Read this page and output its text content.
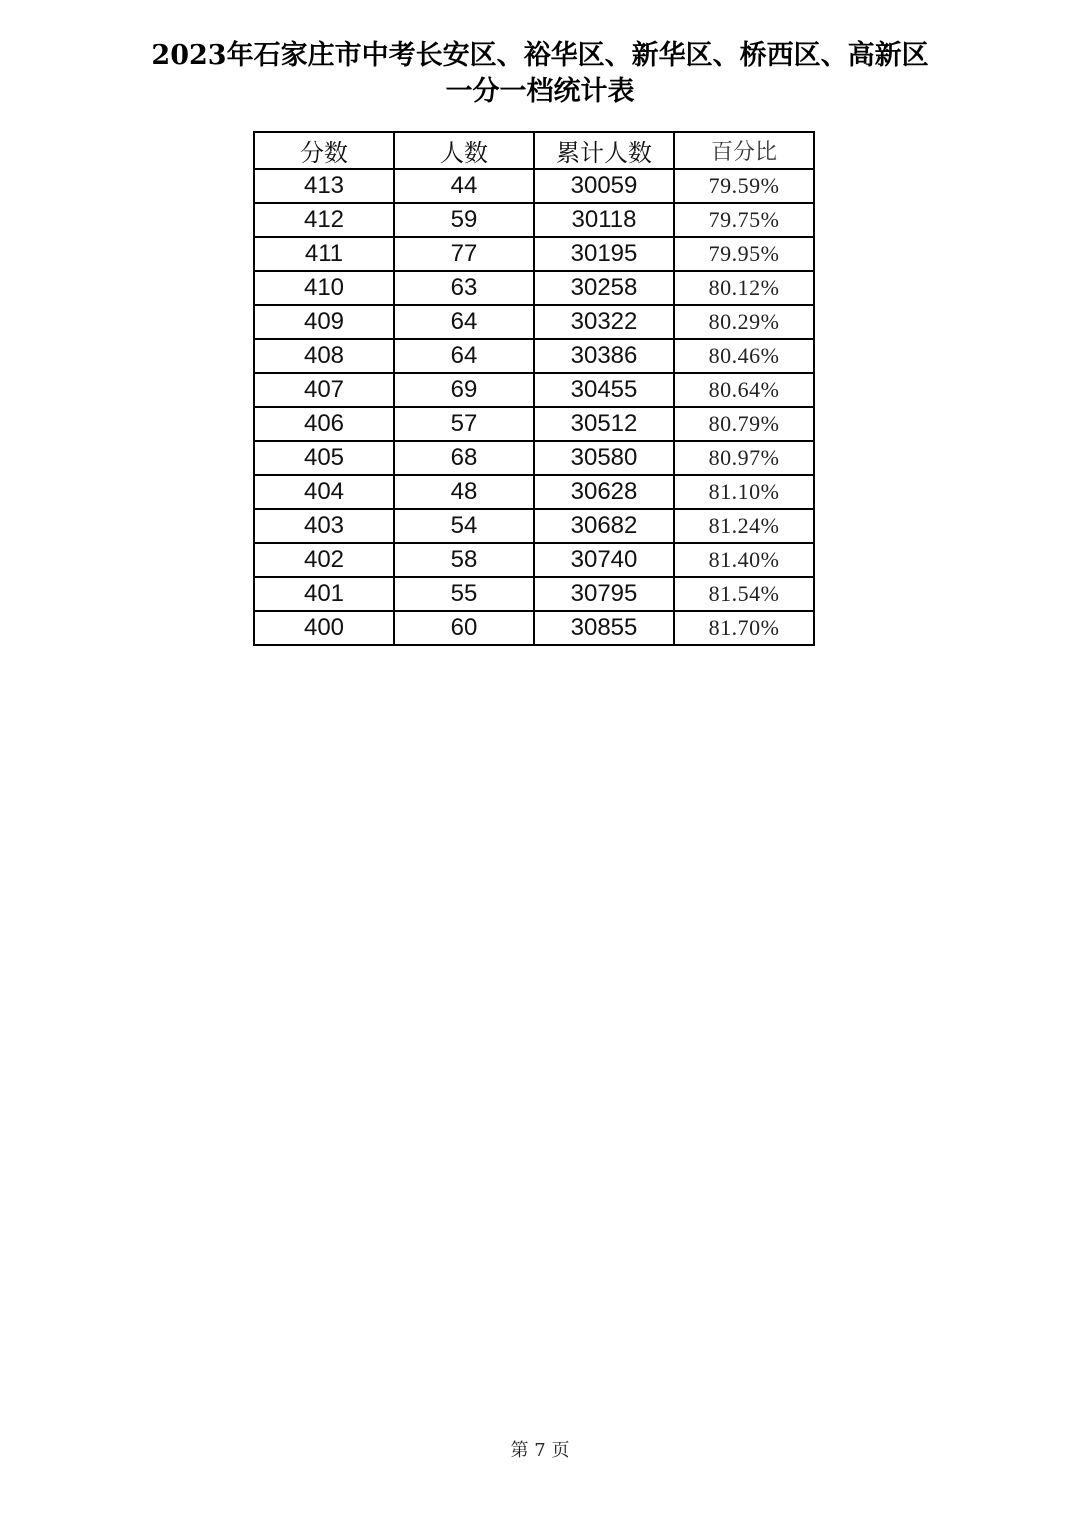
2023年石家庄市中考长安区、裕华区、新华区、桥西区、高新区
一分一档统计表
分数	人数	累计人数	百分比
413	44	30059	79.59%
412	59	30118	79.75%
411	77	30195	79.95%
410	63	30258	80.12%
409	64	30322	80.29%
408	64	30386	80.46%
407	69	30455	80.64%
406	57	30512	80.79%
405	68	30580	80.97%
404	48	30628	81.10%
403	54	30682	81.24%
402	58	30740	81.40%
401	55	30795	81.54%
400	60	30855	81.70%
第 7 页
